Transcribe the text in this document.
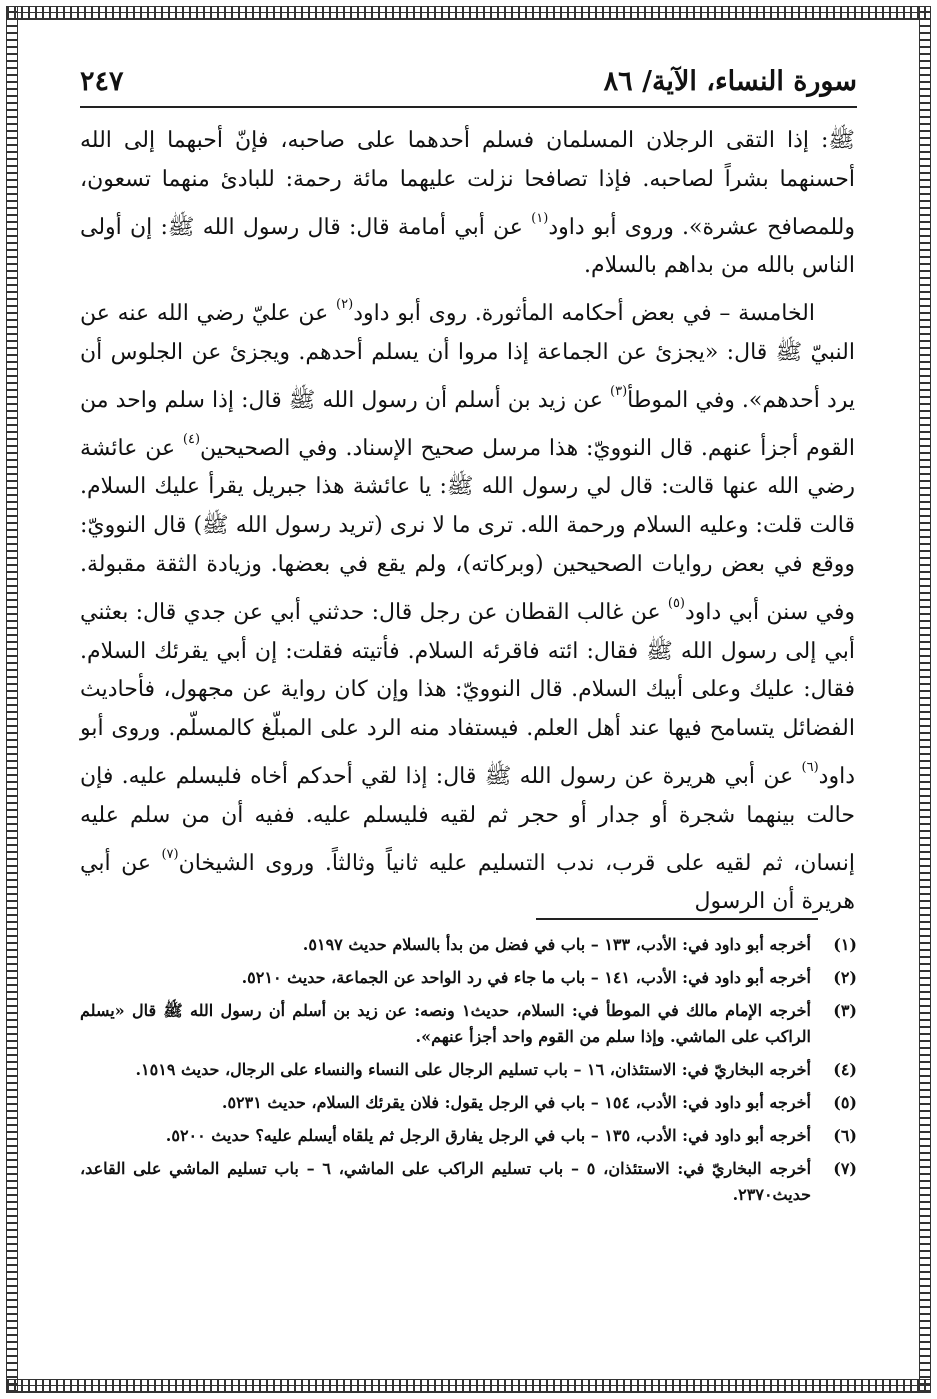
سورة النساء، الآية/ ٨٦
٢٤٧

ﷺ: إذا التقى الرجلان المسلمان فسلم أحدهما على صاحبه، فإنّ أحبهما إلى الله أحسنهما بشراً لصاحبه. فإذا تصافحا نزلت عليهما مائة رحمة: للبادئ منهما تسعون، وللمصافح عشرة». وروى أبو داود$^{(١)}$ عن أبي أمامة قال: قال رسول الله ﷺ: إن أولى الناس بالله من بداهم بالسلام.

الخامسة – في بعض أحكامه المأثورة. روى أبو داود$^{(٢)}$ عن عليّ رضي الله عنه عن النبيّ ﷺ قال: «يجزئ عن الجماعة إذا مروا أن يسلم أحدهم. ويجزئ عن الجلوس أن يرد أحدهم». وفي الموطأ$^{(٣)}$ عن زيد بن أسلم أن رسول الله ﷺ قال: إذا سلم واحد من القوم أجزأ عنهم. قال النوويّ: هذا مرسل صحيح الإسناد. وفي الصحيحين$^{(٤)}$ عن عائشة رضي الله عنها قالت: قال لي رسول الله ﷺ: يا عائشة هذا جبريل يقرأ عليك السلام. قالت قلت: وعليه السلام ورحمة الله. ترى ما لا نرى (تريد رسول الله ﷺ) قال النوويّ: ووقع في بعض روايات الصحيحين (وبركاته)، ولم يقع في بعضها. وزيادة الثقة مقبولة. وفي سنن أبي داود$^{(٥)}$ عن غالب القطان عن رجل قال: حدثني أبي عن جدي قال: بعثني أبي إلى رسول الله ﷺ فقال: ائته فاقرئه السلام. فأتيته فقلت: إن أبي يقرئك السلام. فقال: عليك وعلى أبيك السلام. قال النوويّ: هذا وإن كان رواية عن مجهول، فأحاديث الفضائل يتسامح فيها عند أهل العلم. فيستفاد منه الرد على المبلّغ كالمسلّم. وروى أبو داود$^{(٦)}$ عن أبي هريرة عن رسول الله ﷺ قال: إذا لقي أحدكم أخاه فليسلم عليه. فإن حالت بينهما شجرة أو جدار أو حجر ثم لقيه فليسلم عليه. ففيه أن من سلم عليه إنسان، ثم لقيه على قرب، ندب التسليم عليه ثانياً وثالثاً. وروى الشيخان$^{(٧)}$ عن أبي هريرة أن الرسول

(١)
أخرجه أبو داود في: الأدب، ١٣٣ – باب في فضل من بدأ بالسلام حديث ٥١٩٧.
(٢)
أخرجه أبو داود في: الأدب، ١٤١ – باب ما جاء في رد الواحد عن الجماعة، حديث ٥٢١٠.
(٣)
أخرجه الإمام مالك في الموطأ في: السلام، حديث١ ونصه: عن زيد بن أسلم أن رسول الله ﷺ قال «يسلم الراكب على الماشي. وإذا سلم من القوم واحد أجزأ عنهم».
(٤)
أخرجه البخاريّ في: الاستئذان، ١٦ – باب تسليم الرجال على النساء والنساء على الرجال، حديث ١٥١٩.
(٥)
أخرجه أبو داود في: الأدب، ١٥٤ – باب في الرجل يقول: فلان يقرئك السلام، حديث ٥٢٣١.
(٦)
أخرجه أبو داود في: الأدب، ١٣٥ – باب في الرجل يفارق الرجل ثم يلقاه أيسلم عليه؟ حديث ٥٢٠٠.
(٧)
أخرجه البخاريّ في: الاستئذان، ٥ – باب تسليم الراكب على الماشي، ٦ – باب تسليم الماشي على القاعد، حديث٢٣٧٠.
